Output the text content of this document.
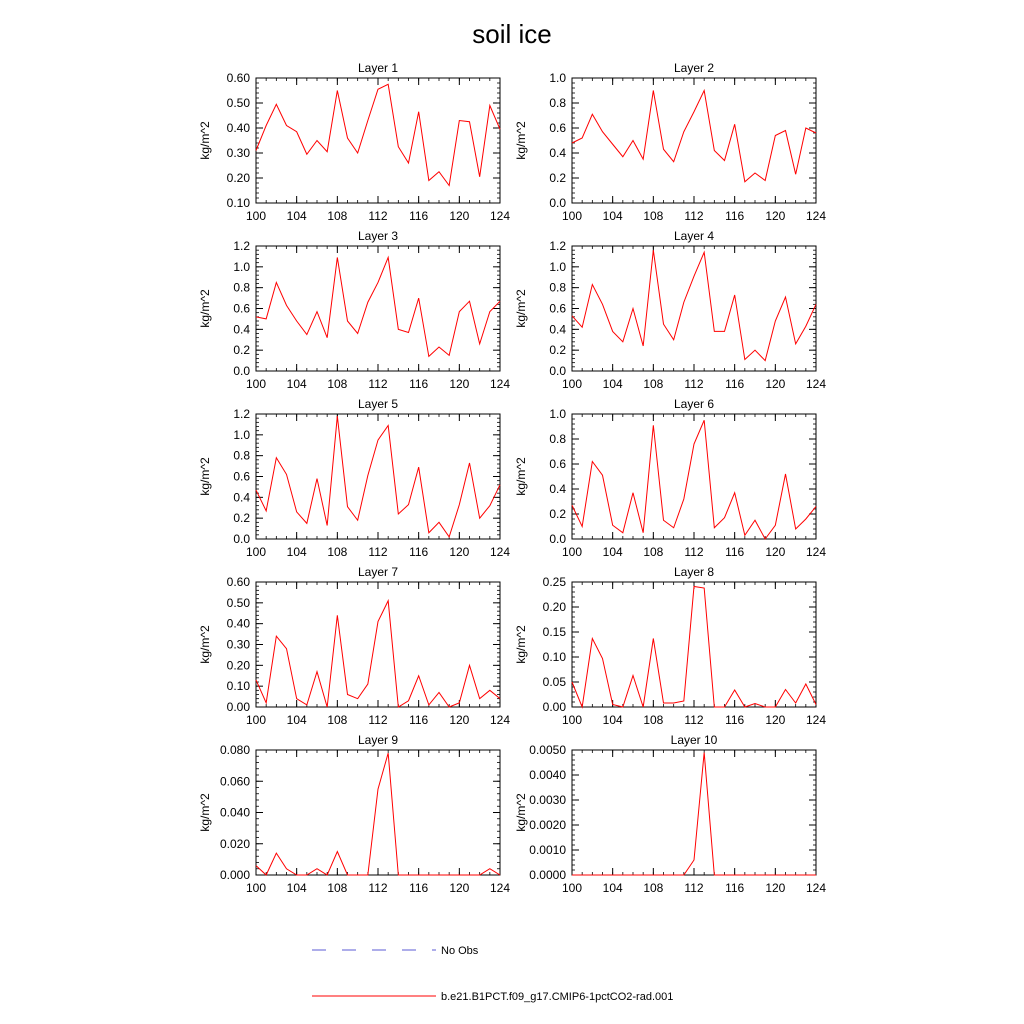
soil ice
100 104 108 112 116 120 124
0.10
0.20
0.30
0.40
0.50
0.60
Layer 1
kg/m^2
100 104 108 112 116 120 124
0.0
0.2
0.4
0.6
0.8
1.0
Layer 2
kg/m^2
100 104 108 112 116 120 124
0.0
0.2
0.4
0.6
0.8
1.0
1.2
Layer 3
kg/m^2
100 104 108 112 116 120 124
0.0
0.2
0.4
0.6
0.8
1.0
1.2
Layer 4
kg/m^2
100 104 108 112 116 120 124
0.0
0.2
0.4
0.6
0.8
1.0
1.2
Layer 5
kg/m^2
100 104 108 112 116 120 124
0.0
0.2
0.4
0.6
0.8
1.0
Layer 6
kg/m^2
100 104 108 112 116 120 124
0.00
0.10
0.20
0.30
0.40
0.50
0.60
Layer 7
kg/m^2
100 104 108 112 116 120 124
0.00
0.05
0.10
0.15
0.20
0.25
Layer 8
kg/m^2
100 104 108 112 116 120 124
0.000
0.020
0.040
0.060
0.080
Layer 9
kg/m^2
100 104 108 112 116 120 124
0.0000
0.0010
0.0020
0.0030
0.0040
0.0050
Layer 10
kg/m^2
No Obs
b.e21.B1PCT.f09_g17.CMIP6-1pctCO2-rad.001
